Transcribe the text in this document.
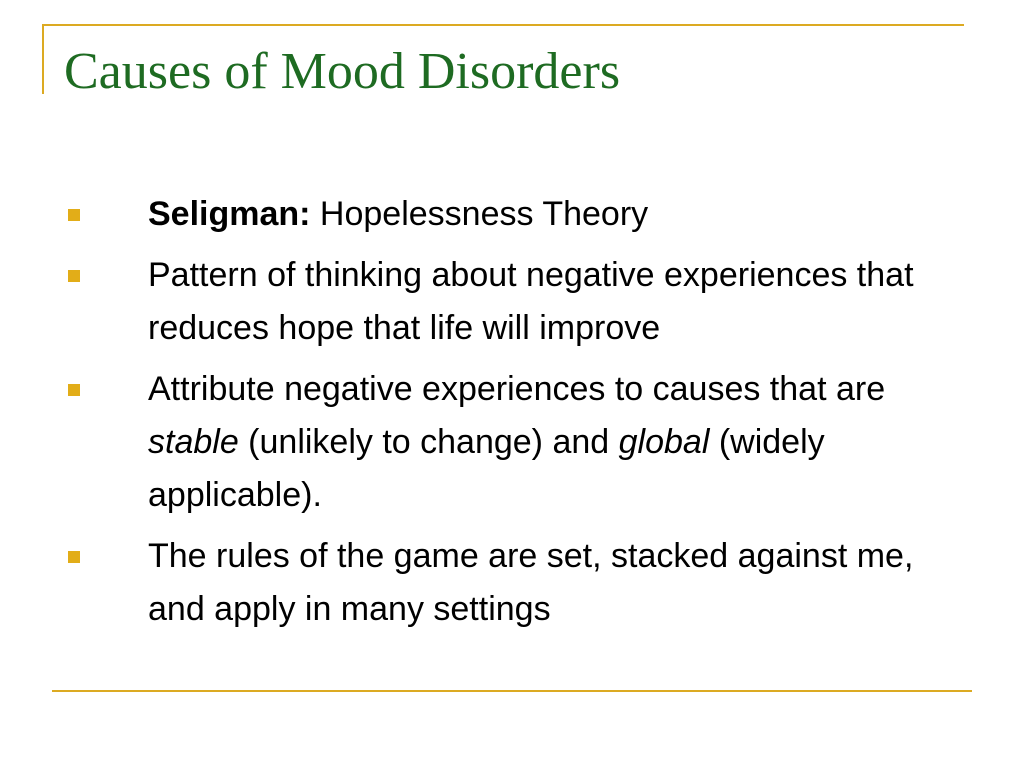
Causes of Mood Disorders
Seligman: Hopelessness Theory
Pattern of thinking about negative experiences that reduces hope that life will improve
Attribute negative experiences to causes that are stable (unlikely to change) and global (widely applicable).
The rules of the game are set, stacked against me, and apply in many settings
